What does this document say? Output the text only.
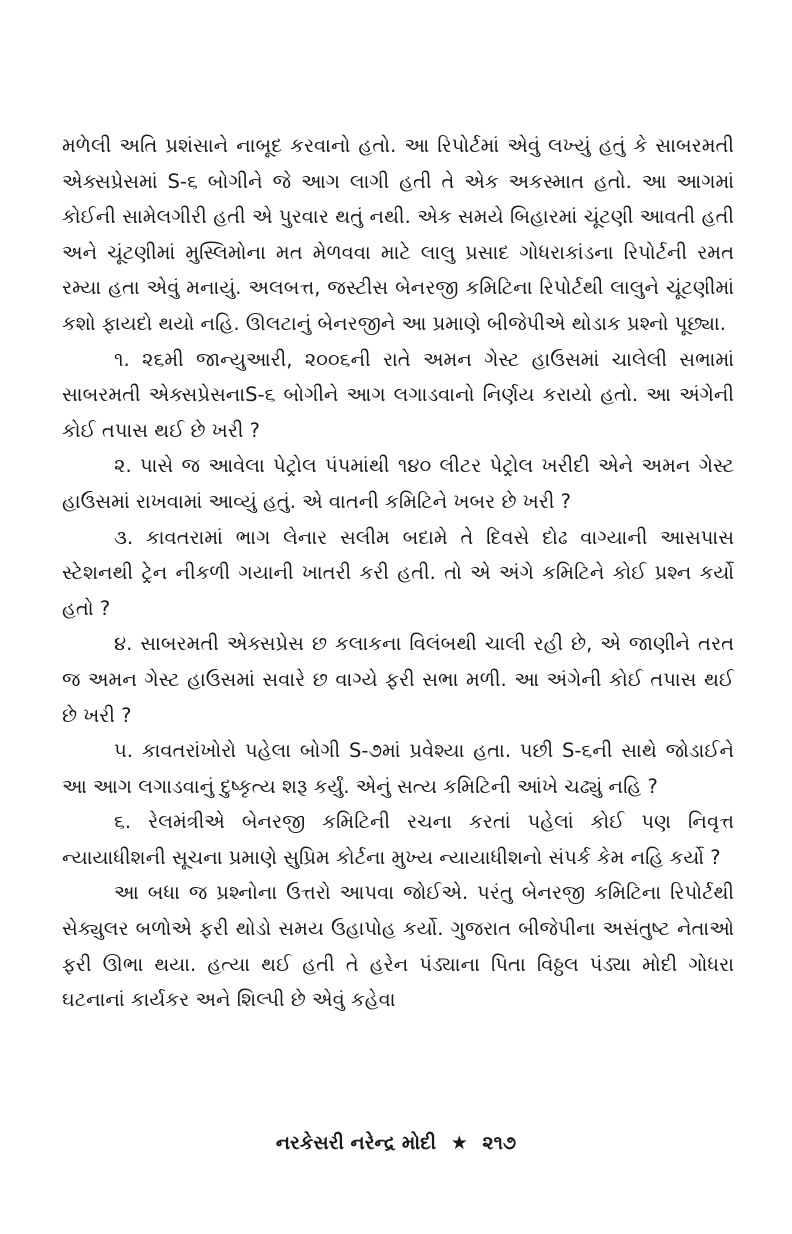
મળેલી અતિ પ્રશંસાને નાબૂદ કરવાનો હતો. આ રિપોર્ટમાં એવું લખ્યું હતું કે સાબરમતી એક્સપ્રેસમાં S-૬ બોગીને જે આગ લાગી હતી તે એક અકસ્માત હતો. આ આગમાં કોઈની સામેલગીરી હતી એ પુરવાર થતું નથી. એક સમયે બિહારમાં ચૂંટણી આવતી હતી અને ચૂંટણીમાં મુસ્લિમોના મત મેળવવા માટે લાલુ પ્રસાદ ગોધરાકાંડના રિપોર્ટની રમત રમ્યા હતા એવું મનાયું. અલબત્ત, જસ્ટીસ બેનરજી કમિટિના રિપોર્ટથી લાલુને ચૂંટણીમાં કશો ફાયદો થયો નહિ. ઊલટાનું બેનરજીને આ પ્રમાણે બીજેપીએ થોડાક પ્રશ્નો પૂછ્યા.

૧. ૨૬મી જાન્યુઆરી, ૨૦૦૬ની રાતે અમન ગેસ્ટ હાઉસમાં ચાલેલી સભામાં સાબરમતી એક્સપ્રેસનાS-૬ બોગીને આગ લગાડવાનો નિર્ણય કરાયો હતો. આ અંગેની કોઈ તપાસ થઈ છે ખરી ?

૨. પાસે જ આવેલા પેટ્રોલ પંપમાંથી ૧૪૦ લીટર પેટ્રોલ ખરીદી એને અમન ગેસ્ટ હાઉસમાં રાખવામાં આવ્યું હતું. એ વાતની કમિટિને ખબર છે ખરી ?

૩. કાવતરામાં ભાગ લેનાર સલીમ બદામે તે દિવસે દોઢ વાગ્યાની આસપાસ સ્ટેશનથી ટ્રેન નીકળી ગયાની ખાતરી કરી હતી. તો એ અંગે કમિટિને કોઈ પ્રશ્ન કર્યો હતો ?

૪. સાબરમતી એક્સપ્રેસ છ કલાકના વિલંબથી ચાલી રહી છે, એ જાણીને તરત જ અમન ગેસ્ટ હાઉસમાં સવારે છ વાગ્યે ફરી સભા મળી. આ અંગેની કોઈ તપાસ થઈ છે ખરી ?

૫. કાવતરાંખોરો પહેલા બોગી S-૭માં પ્રવેશ્યા હતા. પછી S-૬ની સાથે જોડાઈને આ આગ લગાડવાનું દુષ્કૃત્ય શરૂ કર્યું. એનું સત્ય કમિટિની આંખે ચઢ્યું નહિ ?

૬. રેલમંત્રીએ બેનરજી કમિટિની રચના કરતાં પહેલાં કોઈ પણ નિવૃત્ત ન્યાયાધીશની સૂચના પ્રમાણે સુપ્રિમ કોર્ટના મુખ્ય ન્યાયાધીશનો સંપર્ક કેમ નહિ કર્યો ?

આ બધા જ પ્રશ્નોના ઉત્તરો આપવા જોઈએ. પરંતુ બેનરજી કમિટિના રિપોર્ટથી સેક્યુલર બળોએ ફરી થોડો સમય ઉહાપોહ કર્યો. ગુજરાત બીજેપીના અસંતુષ્ટ નેતાઓ ફરી ઊભા થયા. હત્યા થઈ હતી તે હરેન પંડ્યાના પિતા વિઠ્ઠલ પંડ્યા મોદી ગોધરા ઘટનાનાં કાર્યકર અને શિલ્પી છે એવું કહેવા

નરકેસરી નરેન્દ્ર મોદી ★ ૨૧૭
